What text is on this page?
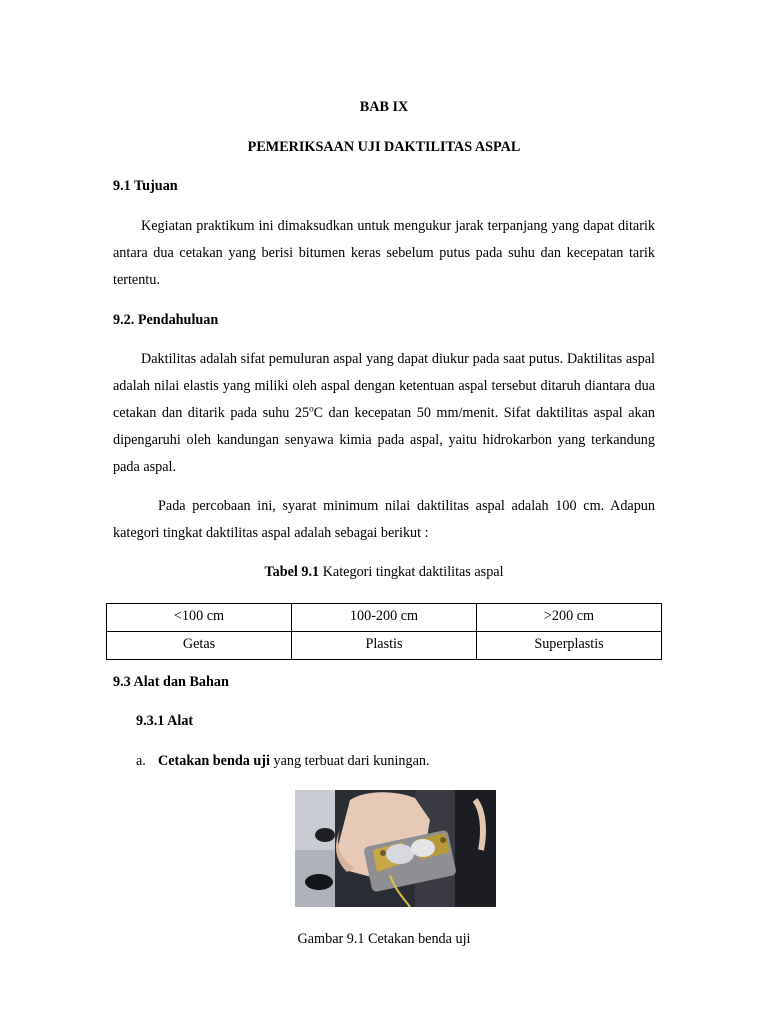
BAB IX
PEMERIKSAAN UJI DAKTILITAS ASPAL
9.1 Tujuan
Kegiatan praktikum ini dimaksudkan untuk mengukur jarak terpanjang yang dapat ditarik antara dua cetakan yang berisi bitumen keras sebelum putus pada suhu dan kecepatan tarik tertentu.
9.2. Pendahuluan
Daktilitas adalah sifat pemuluran aspal yang dapat diukur pada saat putus. Daktilitas aspal adalah nilai elastis yang miliki oleh aspal dengan ketentuan aspal tersebut ditaruh diantara dua cetakan dan ditarik pada suhu 25$^o$C dan kecepatan 50 mm/menit. Sifat daktilitas aspal akan dipengaruhi oleh kandungan senyawa kimia pada aspal, yaitu hidrokarbon yang terkandung pada aspal.
Pada percobaan ini, syarat minimum nilai daktilitas aspal adalah 100 cm. Adapun kategori tingkat daktilitas aspal adalah sebagai berikut :
Tabel 9.1 Kategori tingkat daktilitas aspal
<100 cm	100-200 cm	>200 cm
Getas	Plastis	Superplastis
9.3 Alat dan Bahan
9.3.1 Alat
a. Cetakan benda uji yang terbuat dari kuningan.
Gambar 9.1 Cetakan benda uji
